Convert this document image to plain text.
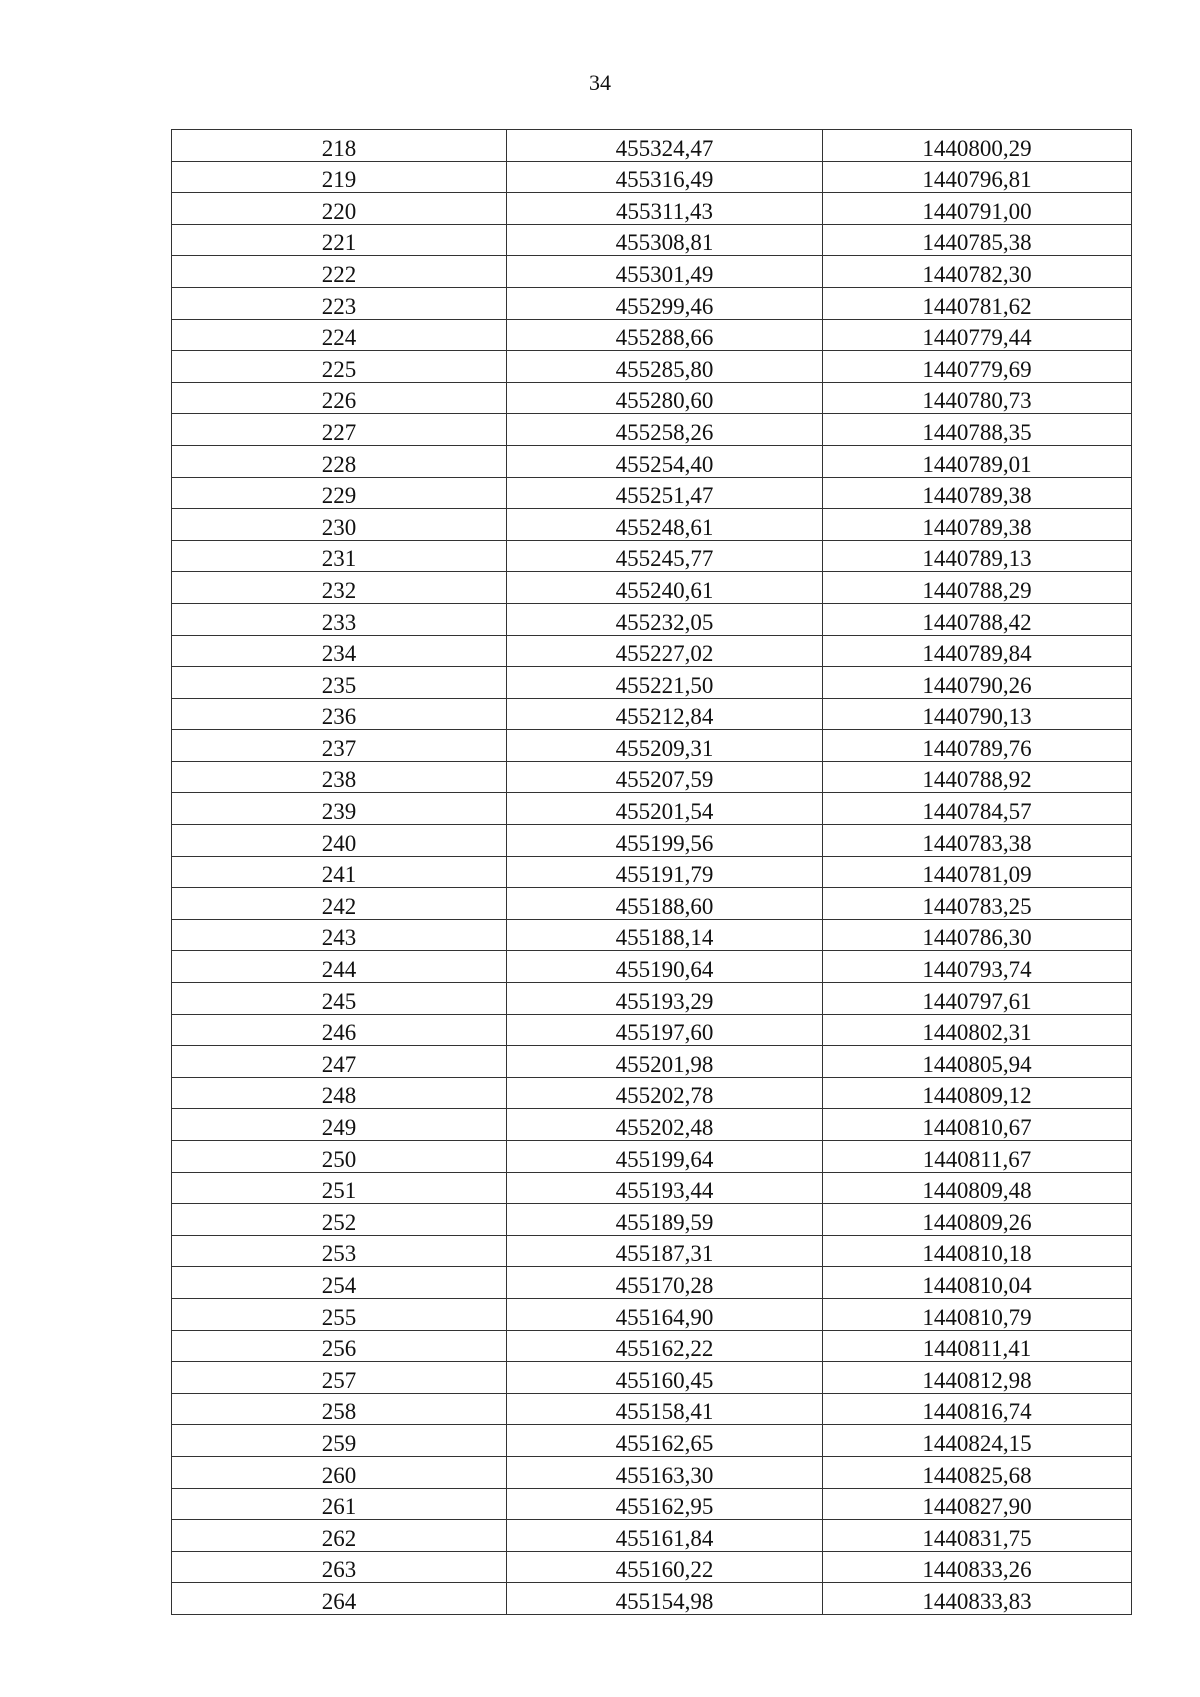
34
218	455324,47	1440800,29
219	455316,49	1440796,81
220	455311,43	1440791,00
221	455308,81	1440785,38
222	455301,49	1440782,30
223	455299,46	1440781,62
224	455288,66	1440779,44
225	455285,80	1440779,69
226	455280,60	1440780,73
227	455258,26	1440788,35
228	455254,40	1440789,01
229	455251,47	1440789,38
230	455248,61	1440789,38
231	455245,77	1440789,13
232	455240,61	1440788,29
233	455232,05	1440788,42
234	455227,02	1440789,84
235	455221,50	1440790,26
236	455212,84	1440790,13
237	455209,31	1440789,76
238	455207,59	1440788,92
239	455201,54	1440784,57
240	455199,56	1440783,38
241	455191,79	1440781,09
242	455188,60	1440783,25
243	455188,14	1440786,30
244	455190,64	1440793,74
245	455193,29	1440797,61
246	455197,60	1440802,31
247	455201,98	1440805,94
248	455202,78	1440809,12
249	455202,48	1440810,67
250	455199,64	1440811,67
251	455193,44	1440809,48
252	455189,59	1440809,26
253	455187,31	1440810,18
254	455170,28	1440810,04
255	455164,90	1440810,79
256	455162,22	1440811,41
257	455160,45	1440812,98
258	455158,41	1440816,74
259	455162,65	1440824,15
260	455163,30	1440825,68
261	455162,95	1440827,90
262	455161,84	1440831,75
263	455160,22	1440833,26
264	455154,98	1440833,83
